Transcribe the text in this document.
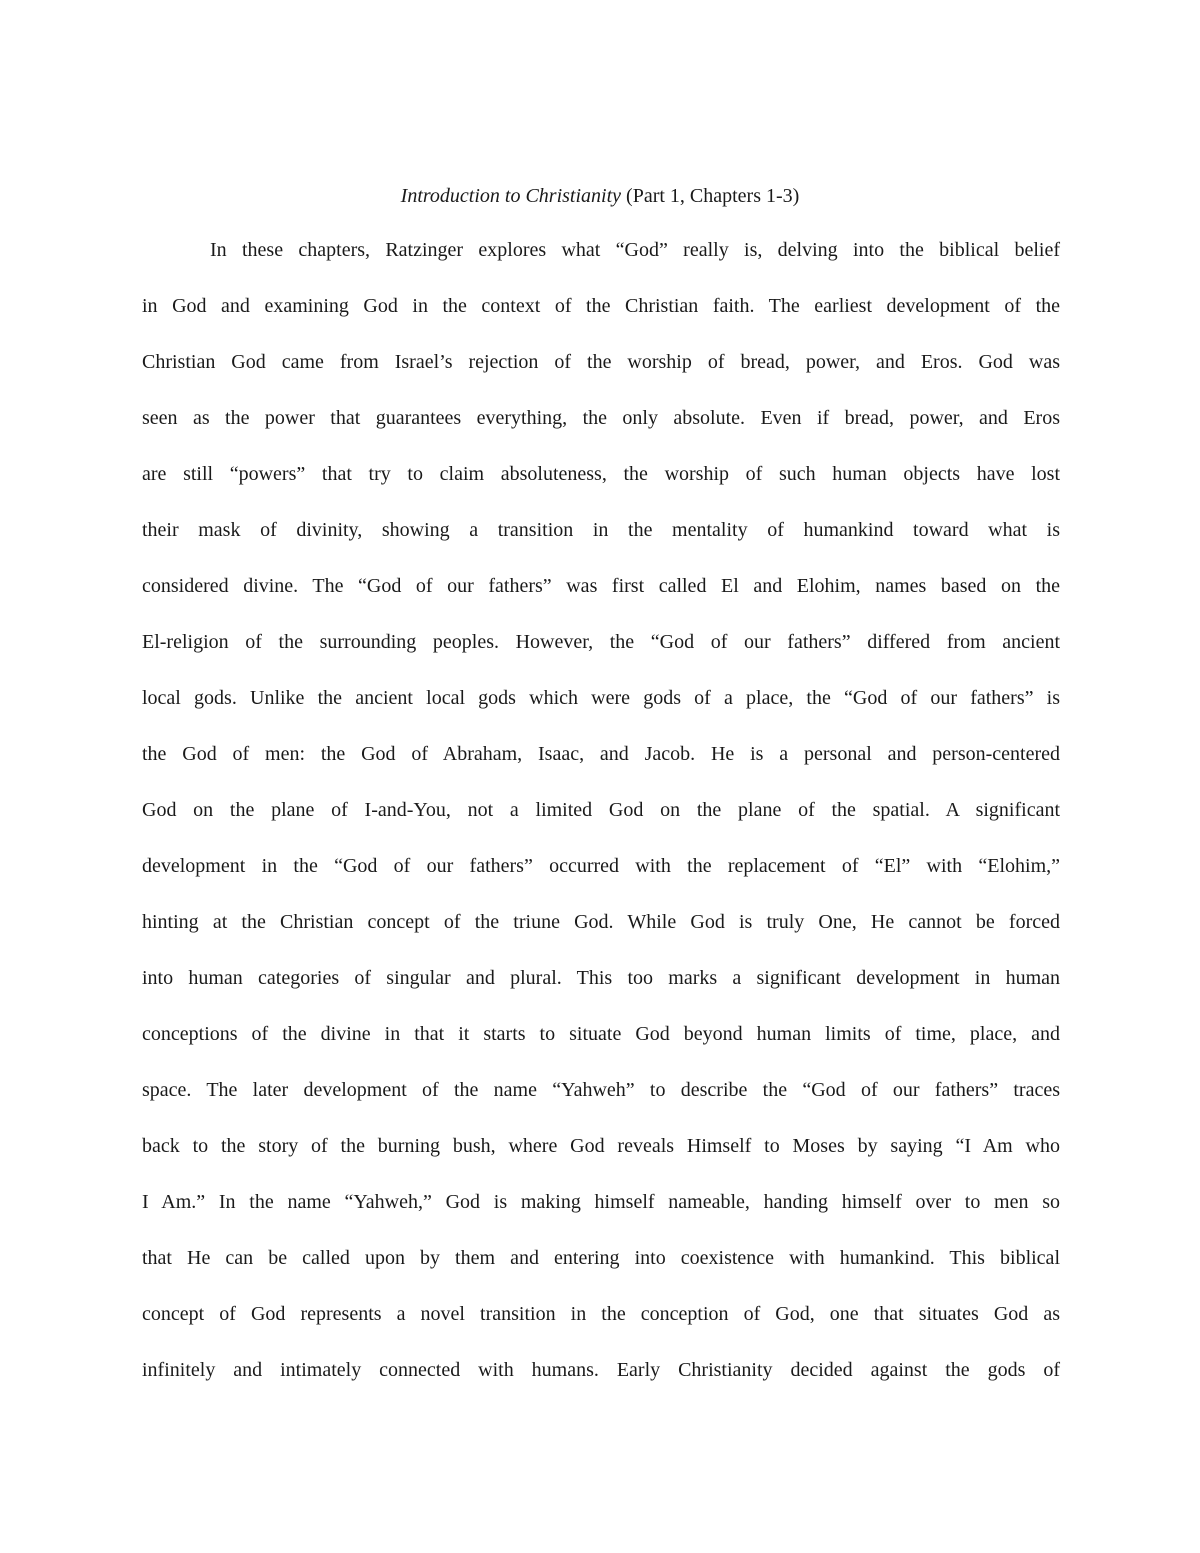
Introduction to Christianity (Part 1, Chapters 1-3)
In these chapters, Ratzinger explores what “God” really is, delving into the biblical belief
in God and examining God in the context of the Christian faith. The earliest development of the
Christian God came from Israel’s rejection of the worship of bread, power, and Eros. God was
seen as the power that guarantees everything, the only absolute. Even if bread, power, and Eros
are still “powers” that try to claim absoluteness, the worship of such human objects have lost
their mask of divinity, showing a transition in the mentality of humankind toward what is
considered divine. The “God of our fathers” was first called El and Elohim, names based on the
El-religion of the surrounding peoples. However, the “God of our fathers” differed from ancient
local gods. Unlike the ancient local gods which were gods of a place, the “God of our fathers” is
the God of men: the God of Abraham, Isaac, and Jacob. He is a personal and person-centered
God on the plane of I-and-You, not a limited God on the plane of the spatial. A significant
development in the “God of our fathers” occurred with the replacement of “El” with “Elohim,”
hinting at the Christian concept of the triune God. While God is truly One, He cannot be forced
into human categories of singular and plural. This too marks a significant development in human
conceptions of the divine in that it starts to situate God beyond human limits of time, place, and
space. The later development of the name “Yahweh” to describe the “God of our fathers” traces
back to the story of the burning bush, where God reveals Himself to Moses by saying “I Am who
I Am.” In the name “Yahweh,” God is making himself nameable, handing himself over to men so
that He can be called upon by them and entering into coexistence with humankind. This biblical
concept of God represents a novel transition in the conception of God, one that situates God as
infinitely and intimately connected with humans. Early Christianity decided against the gods of
